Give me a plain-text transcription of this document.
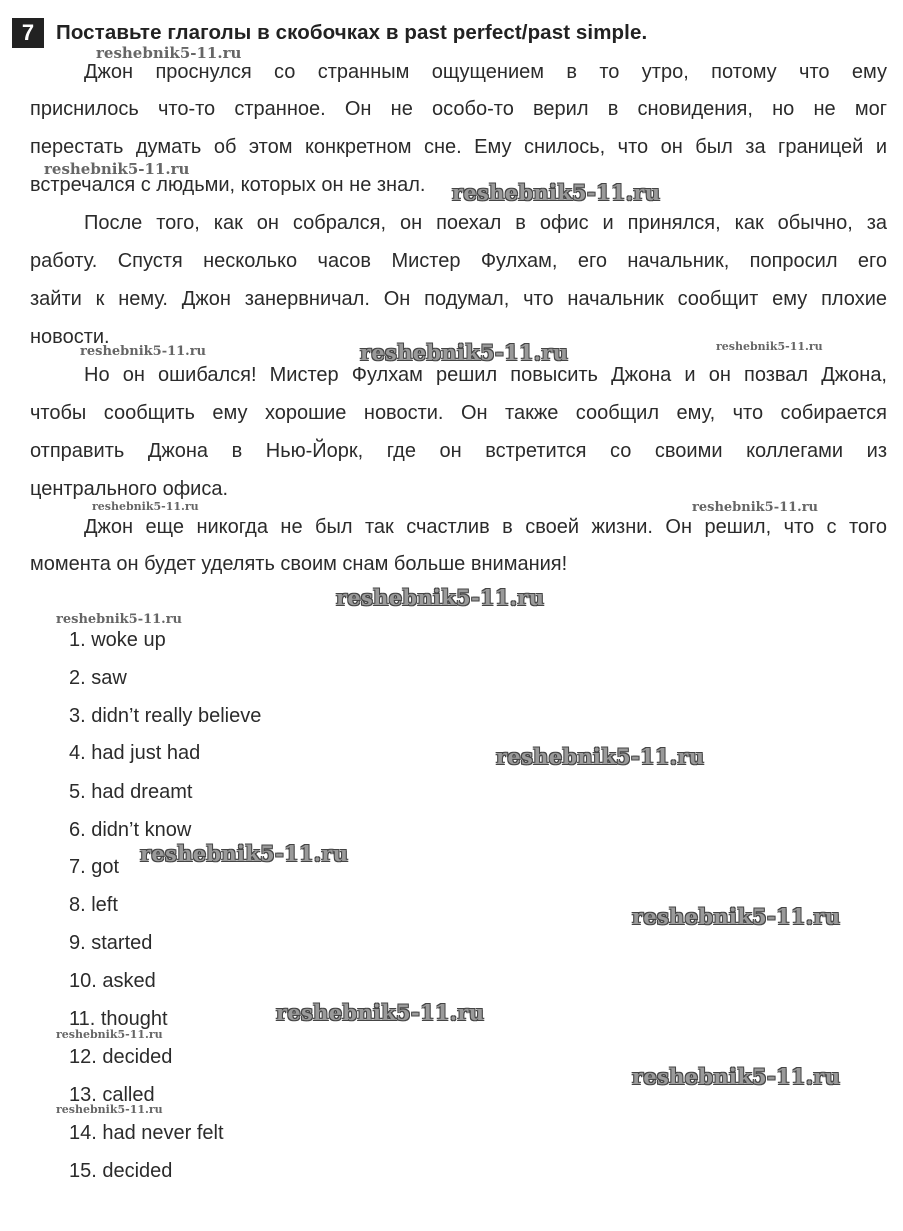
7	Поставьте глаголы в скобочках в past perfect/past simple.
Джон проснулся со странным ощущением в то утро, потому что ему
приснилось что-то странное. Он не особо-то верил в сновидения, но не мог
перестать думать об этом конкретном сне. Ему снилось, что он был за границей и
встречался с людьми, которых он не знал.
После того, как он собрался, он поехал в офис и принялся, как обычно, за
работу. Спустя несколько часов Мистер Фулхам, его начальник, попросил его
зайти к нему. Джон занервничал. Он подумал, что начальник сообщит ему плохие
новости.
Но он ошибался! Мистер Фулхам решил повысить Джона и он позвал Джона,
чтобы сообщить ему хорошие новости. Он также сообщил ему, что собирается
отправить Джона в Нью-Йорк, где он встретится со своими коллегами из
центрального офиса.
Джон еще никогда не был так счастлив в своей жизни. Он решил, что с того
момента он будет уделять своим снам больше внимания!
1. woke up
2. saw
3. didn’t really believe
4. had just had
5. had dreamt
6. didn’t know
7. got
8. left
9. started
10. asked
11. thought
12. decided
13. called
14. had never felt
15. decided
reshebnik5-11.ru
reshebnik5-11.ru
reshebnik5-11.ru
reshebnik5-11.ru	reshebnik5-11.ru	reshebnik5-11.ru
reshebnik5-11.ru	reshebnik5-11.ru
reshebnik5-11.ru
reshebnik5-11.ru
reshebnik5-11.ru
reshebnik5-11.ru
reshebnik5-11.ru
reshebnik5-11.ru
reshebnik5-11.ru
reshebnik5-11.ru
reshebnik5-11.ru
